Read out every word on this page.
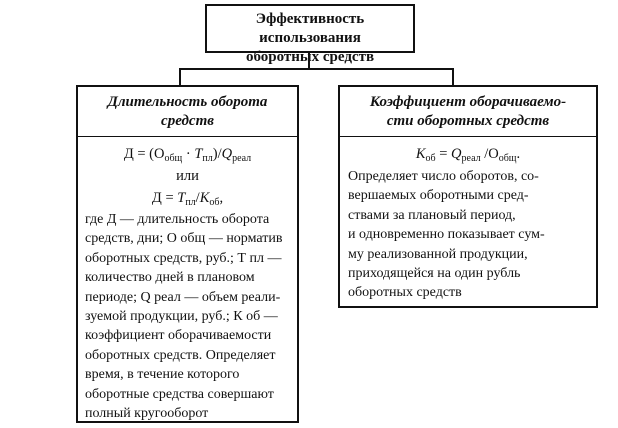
Эффективность использования
оборотных средств
Длительность оборота
средств
$Д = (О_{общ} \cdot Т_{пл})/Q_{реал}$
или
$Д = Т_{пл}/К_{об}$,
где Д — длительность оборота
средств, дни; О общ — норматив
оборотных средств, руб.; Т пл —
количество дней в плановом
периоде; Q реал — объем реали-
зуемой продукции, руб.; К об —
коэффициент оборачиваемости
оборотных средств. Определяет
время, в течение которого
оборотные средства совершают
полный кругооборот
Коэффициент оборачиваемо-
сти оборотных средств
$К_{об} = Q_{реал}$ $/О_{общ}$.
Определяет число оборотов, со-
вершаемых оборотными сред-
ствами за плановый период,
и одновременно показывает сум-
му реализованной продукции,
приходящейся на один рубль
оборотных средств
